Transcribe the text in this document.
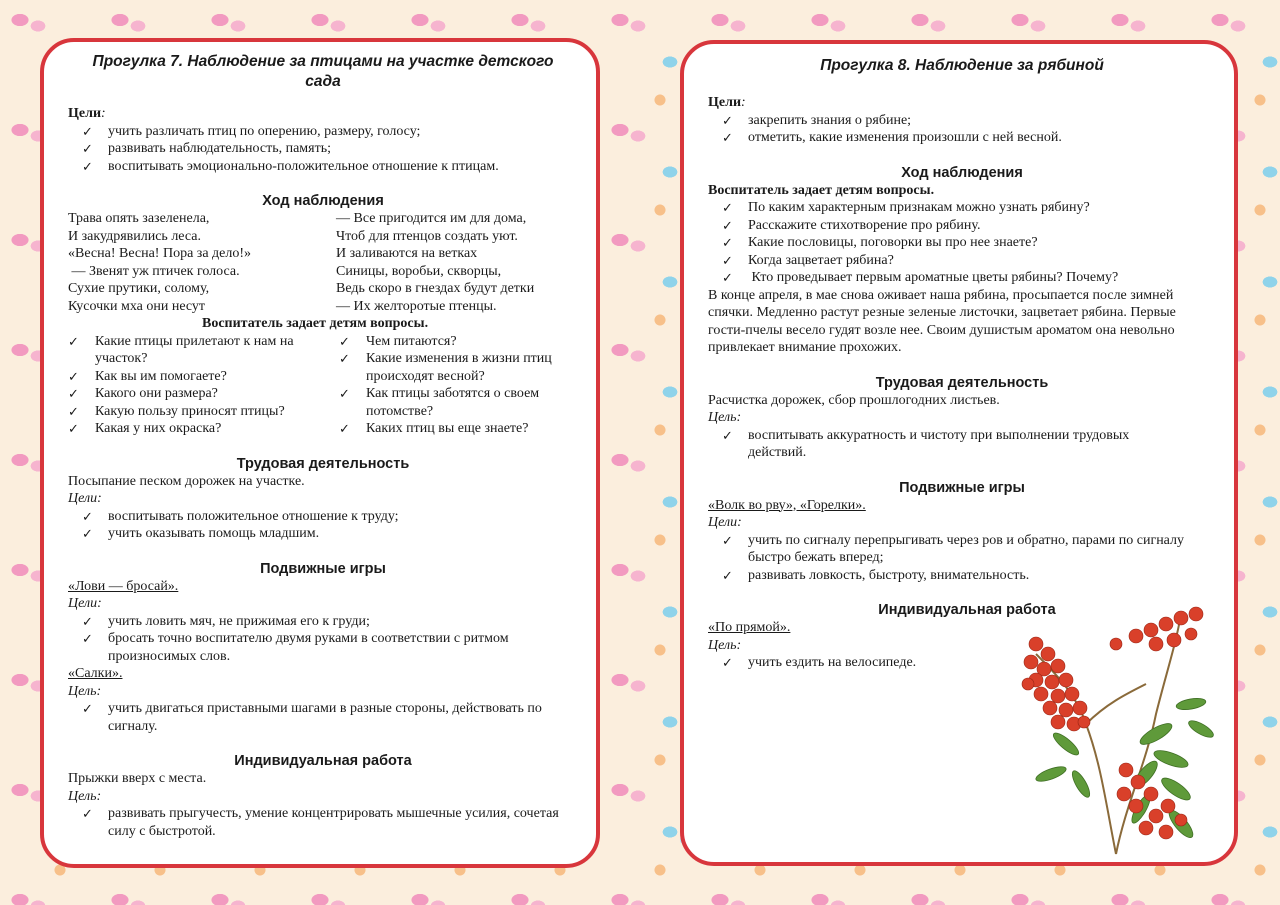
Прогулка 7. Наблюдение за птицами на участке детского сада
Цели:
✓ учить различать птиц по оперению, размеру, голосу;
✓ развивать наблюдательность, память;
✓ воспитывать эмоционально-положительное отношение к птицам.
Ход наблюдения
Трава опять зазеленела,
И закудрявились леса.
«Весна! Весна! Пора за дело!»
— Звенят уж птичек голоса.
Сухие прутики, солому,
Кусочки мха они несут
— Все пригодится им для дома,
Чтоб для птенцов создать уют.
И заливаются на ветках
Синицы, воробьи, скворцы,
Ведь скоро в гнездах будут детки
— Их желторотые птенцы.
Воспитатель задает детям вопросы.
✓ Какие птицы прилетают к нам на участок?
✓ Как вы им помогаете?
✓ Какого они размера?
✓ Какую пользу приносят птицы?
✓ Какая у них окраска?
✓ Чем питаются?
✓ Какие изменения в жизни птиц происходят весной?
✓ Как птицы заботятся о своем потомстве?
✓ Каких птиц вы еще знаете?
Трудовая деятельность
Посыпание песком дорожек на участке.
Цели:
✓ воспитывать положительное отношение к труду;
✓ учить оказывать помощь младшим.
Подвижные игры
«Лови — бросай».
Цели:
✓ учить ловить мяч, не прижимая его к груди;
✓ бросать точно воспитателю двумя руками в соответствии с ритмом произносимых слов.
«Салки».
Цель:
✓ учить двигаться приставными шагами в разные стороны, действовать по сигналу.
Индивидуальная работа
Прыжки вверх с места.
Цель:
✓ развивать прыгучесть, умение концентрировать мышечные усилия, сочетая силу с быстротой.
Прогулка 8. Наблюдение за рябиной
Цели:
✓ закрепить знания о рябине;
✓ отметить, какие изменения произошли с ней весной.
Ход наблюдения
Воспитатель задает детям вопросы.
✓ По каким характерным признакам можно узнать рябину?
✓ Расскажите стихотворение про рябину.
✓ Какие пословицы, поговорки вы про нее знаете?
✓ Когда зацветает рябина?
✓ Кто проведывает первым ароматные цветы рябины? Почему?
В конце апреля, в мае снова оживает наша рябина, просыпается после зимней спячки. Медленно растут резные зеленые листочки, зацветает рябина. Первые гости-пчелы весело гудят возле нее. Своим душистым ароматом она невольно привлекает внимание прохожих.
Трудовая деятельность
Расчистка дорожек, сбор прошлогодних листьев.
Цель:
✓ воспитывать аккуратность и чистоту при выполнении трудовых действий.
Подвижные игры
«Волк во рву», «Горелки».
Цели:
✓ учить по сигналу перепрыгивать через ров и обратно, парами по сигналу быстро бежать вперед;
✓ развивать ловкость, быстроту, внимательность.
Индивидуальная работа
«По прямой».
Цель:
✓ учить ездить на велосипеде.
